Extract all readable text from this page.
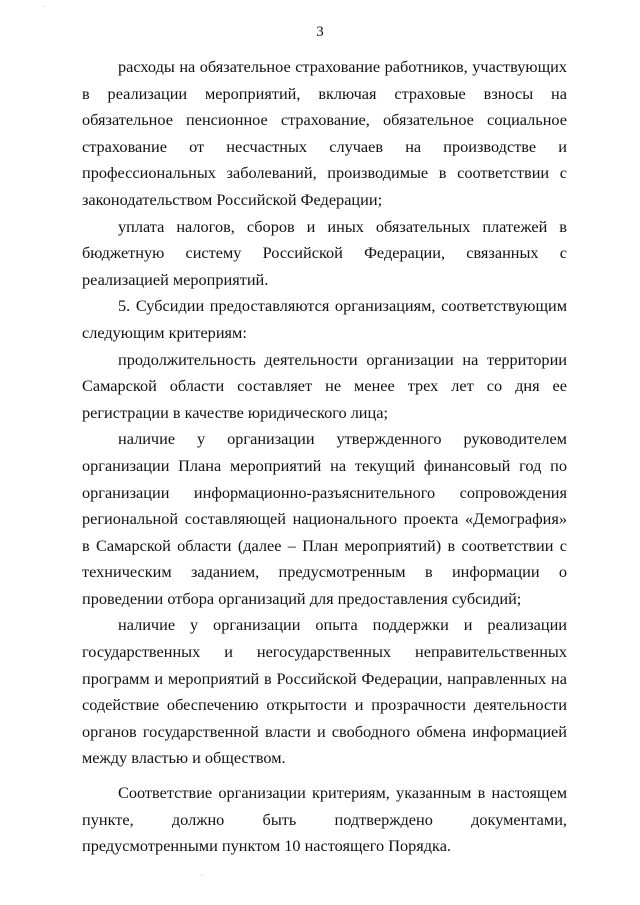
`
3

расходы на обязательное страхование работников, участвующих в реализации мероприятий, включая страховые взносы на обязательное пенсионное страхование, обязательное социальное страхование от несчастных случаев на производстве и профессиональных заболеваний, производимые в соответствии с законодательством Российской Федерации;

уплата налогов, сборов и иных обязательных платежей в бюджетную систему Российской Федерации, связанных с реализацией мероприятий.

5. Субсидии предоставляются организациям, соответствующим следующим критериям:

продолжительность деятельности организации на территории Самарской области составляет не менее трех лет со дня ее регистрации в качестве юридического лица;

наличие у организации утвержденного руководителем организации Плана мероприятий на текущий финансовый год по организации информационно-разъяснительного сопровождения региональной составляющей национального проекта «Демография» в Самарской области (далее – План мероприятий) в соответствии с техническим заданием, предусмотренным в информации о проведении отбора организаций для предоставления субсидий;

наличие у организации опыта поддержки и реализации государственных и негосударственных неправительственных программ и мероприятий в Российской Федерации, направленных на содействие обеспечению открытости и прозрачности деятельности органов государственной власти и свободного обмена информацией между властью и обществом.

Соответствие организации критериям, указанным в настоящем пункте, должно быть подтверждено документами, предусмотренными пунктом 10 настоящего Порядка.

·
